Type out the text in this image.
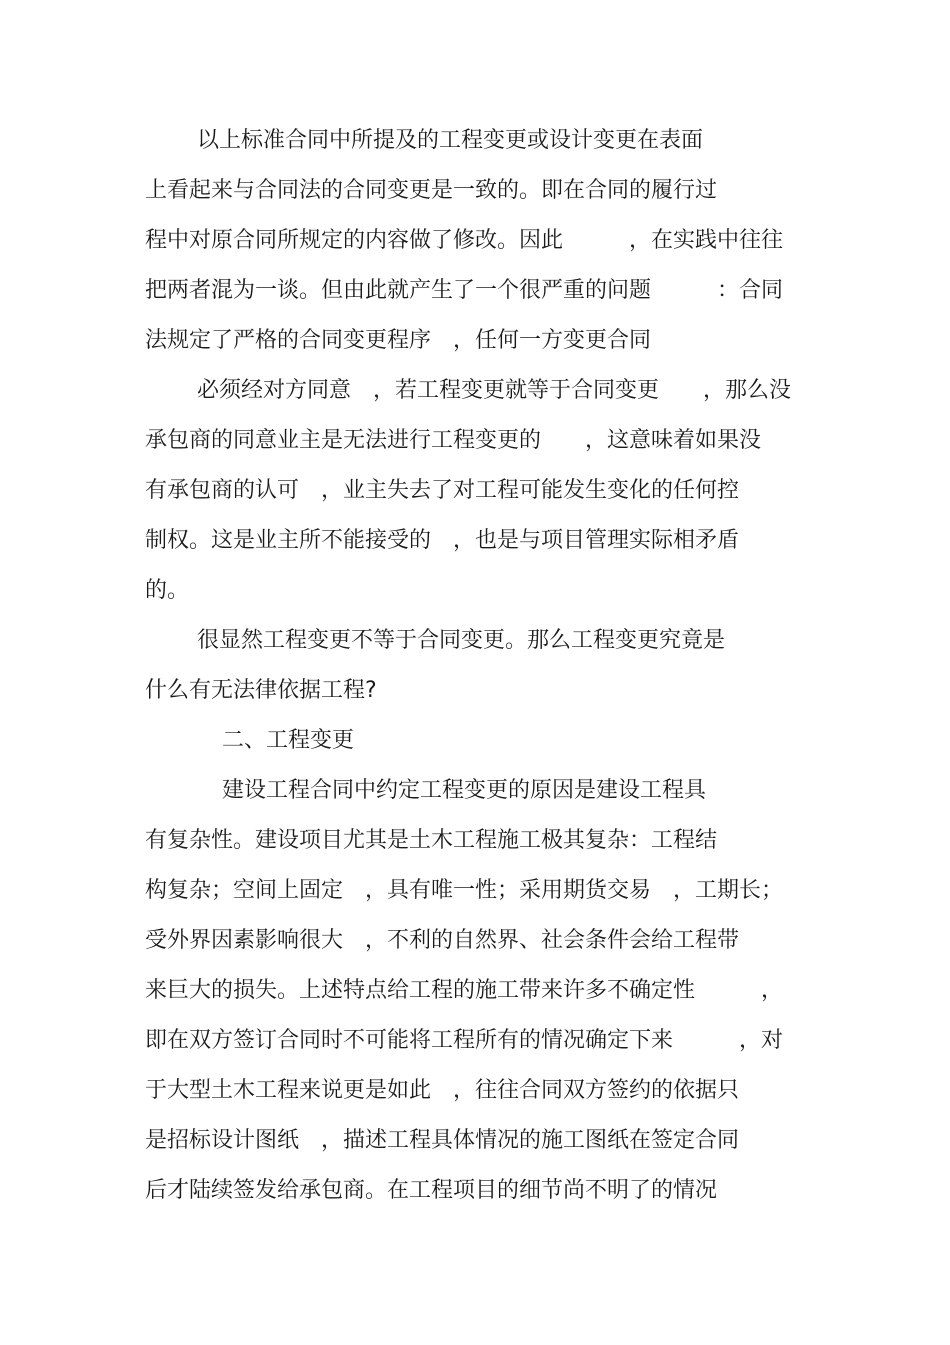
以上标准合同中所提及的工程变更或设计变更在表面
上看起来与合同法的合同变更是一致的。即在合同的履行过
程中对原合同所规定的内容做了修改。因此　　　，在实践中往往
把两者混为一谈。但由此就产生了一个很严重的问题　　　：合同
法规定了严格的合同变更程序　，任何一方变更合同
必须经对方同意　，若工程变更就等于合同变更　　，那么没
承包商的同意业主是无法进行工程变更的　　，这意味着如果没
有承包商的认可　，业主失去了对工程可能发生变化的任何控
制权。这是业主所不能接受的　，也是与项目管理实际相矛盾
的。
很显然工程变更不等于合同变更。那么工程变更究竟是
什么有无法律依据工程?
二、工程变更
建设工程合同中约定工程变更的原因是建设工程具
有复杂性。建设项目尤其是土木工程施工极其复杂：工程结
构复杂；空间上固定　，具有唯一性；采用期货交易　，工期长；
受外界因素影响很大　，不利的自然界、社会条件会给工程带
来巨大的损失。上述特点给工程的施工带来许多不确定性　　　，
即在双方签订合同时不可能将工程所有的情况确定下来　　　，对
于大型土木工程来说更是如此　，往往合同双方签约的依据只
是招标设计图纸　，描述工程具体情况的施工图纸在签定合同
后才陆续签发给承包商。在工程项目的细节尚不明了的情况
